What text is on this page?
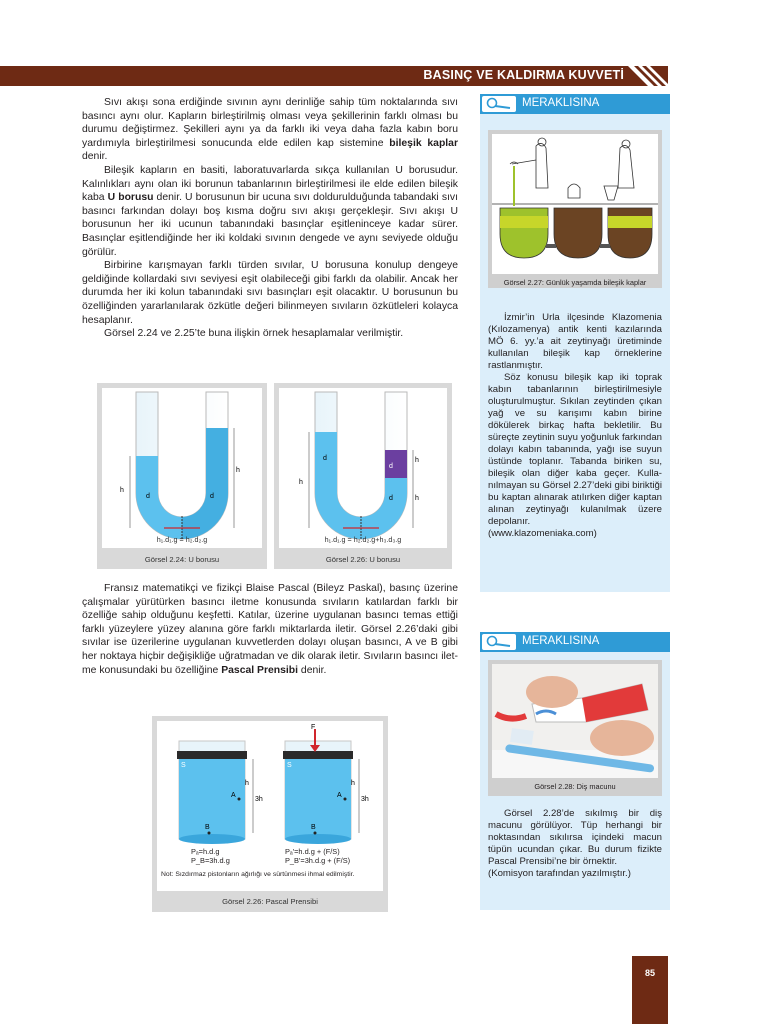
BASINÇ VE KALDIRMA KUVVETİ

Sıvı akışı sona erdiğinde sıvının aynı derinliğe sahip tüm noktalarında sıvı basıncı aynı olur. Kapların birleştirilmiş olması veya şekillerinin farklı olması bu durumu değiştirmez. Şekilleri aynı ya da farklı iki veya daha fazla kabın boru yardımıyla birleştirilmesi sonucunda elde edilen kap sistemine bileşik kaplar denir.

Bileşik kapların en basiti, laboratuvarlarda sıkça kullanılan U borusudur. Kalınlıkları aynı olan iki borunun tabanlarının birleştirilmesi ile elde edilen bileşik kaba U borusu denir. U borusunun bir ucuna sıvı doldurulduğunda tabandaki sıvı basıncı farkından dolayı boş kısma doğru sıvı akışı gerçekleşir. Sıvı akışı U borusunun her iki ucunun tabanındaki basınçlar eşitleninceye kadar sürer. Basınçlar eşitlendiğinde her iki koldaki sıvının dengede ve aynı seviyede olduğu görülür.

Birbirine karışmayan farklı türden sıvılar, U borusuna konulup dengeye geldiğinde kollardaki sıvı seviyesi eşit olabileceği gibi farklı da olabilir. Ancak her durumda her iki kolun tabanındaki sıvı basınçları eşit olacaktır. U borusunun bu özelliğinden yararlanılarak özkütle değeri bilinmeyen sıvıların özkütleleri kolayca hesaplanır.

Görsel 2.24 ve 2.25’te buna ilişkin örnek hesaplamalar verilmiştir.

h
h
d	d
h₁.d₁.g = h₂.d₂.g
Görsel 2.24: U borusu
h
h
h
d
d
d
h₁.d₁.g = h₂.d₂.g+h₃.d₃.g
Görsel 2.26: U borusu

Fransız matematikçi ve fizikçi Blaise Pascal (Bileyz Paskal), basınç üzerine çalışmalar yürütürken basıncı iletme konusunda sıvıların katılardan farklı bir özelliğe sahip olduğunu keşfetti. Katılar, üzerine uygulanan basıncı temas ettiği farklı yüzeylere yüzey alanına göre farklı miktarlarda iletir. Görsel 2.26’daki gibi sıvılar ise üzerilerine uygulanan kuvvetlerden dolayı oluşan basıncı, A ve B gibi her noktaya hiçbir değişikliğe uğratmadan ve dik olarak iletir. Sıvıların basıncı iletme konusundaki bu özelliğine Pascal Prensibi denir.

S
h
3h
A
B
F
S
h
3h
A
B
Pₐ=h.d.g
P_B=3h.d.g
Pₐ'=h.d.g + (F/S)
P_B'=3h.d.g + (F/S)
Not: Sızdırmaz pistonların ağırlığı ve sürtünmesi ihmal edilmiştir.
Görsel 2.26: Pascal Prensibi
MERAKLISINA
Görsel 2.27: Günlük yaşamda bileşik kaplar

İzmir’in Urla ilçesinde Klazomenia (Kılozamenya) antik kenti kazılarında MÖ 6. yy.’a ait zeytinyağı üretiminde kullanılan bileşik kap örneklerine rastlanmıştır.

Söz konusu bileşik kap iki toprak kabın tabanlarının birleştirilmesiyle oluşturulmuştur. Sıkılan zeytinden çıkan yağ ve su karışımı kabın birine dökülerek birkaç hafta bekletilir. Bu süreçte zeytinin suyu yoğunluk farkından dolayı kabın tabanında, yağı ise suyun üstünde toplanır. Tabanda biriken su, bileşik olan diğer kaba geçer. Kullanılmayan su Görsel 2.27’deki gibi biriktiği bu kaptan alınarak atılırken diğer kaptan alınan zeytinyağı kulanılmak üzere depolanır.

(www.klazomeniaka.com)

MERAKLISINA
Görsel 2.28: Diş macunu

Görsel 2.28’de sıkılmış bir diş macunu görülüyor. Tüp herhangi bir noktasından sıkılırsa içindeki macun tüpün ucundan çıkar. Bu durum fizikte Pascal Prensibi’ne bir örnektir.

(Komisyon tarafından yazılmıştır.)

85
